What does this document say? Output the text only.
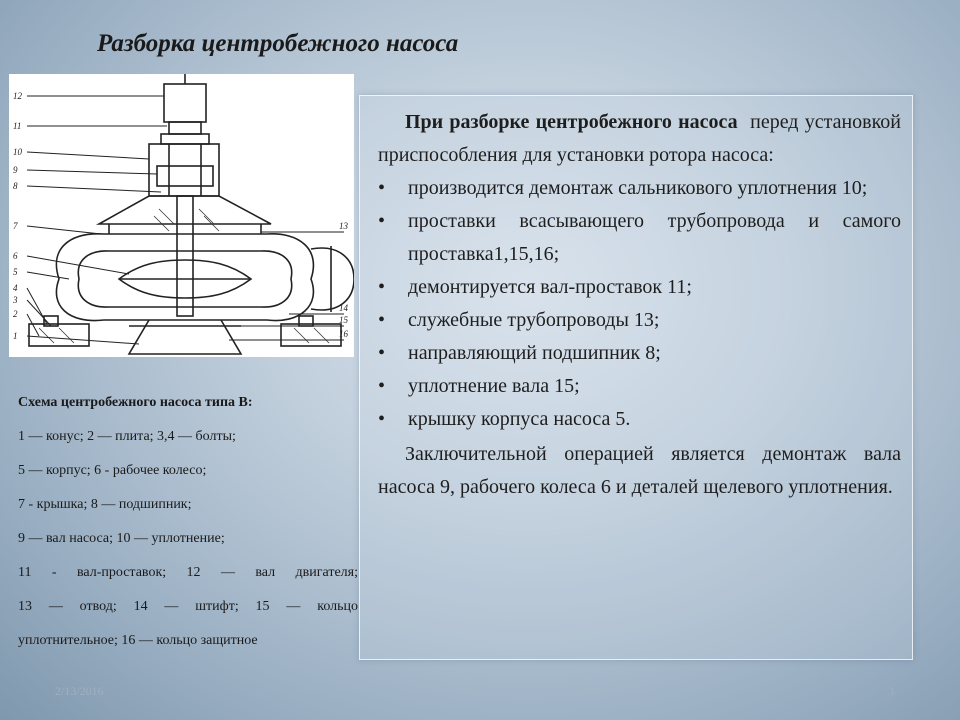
Разборка центробежного насоса
12
11
10
9
8
7
6
5
4
3
2
1
13
14
15
16
Схема центробежного насоса типа В:
1 — конус; 2 — плита; 3,4 — болты;
5 — корпус; 6 - рабочее колесо;
7 - крышка; 8 — подшипник;
9 — вал насоса; 10 — уплотнение;
11 - вал-проставок; 12 — вал двигателя;
13 — отвод; 14 — штифт; 15 — кольцо
уплотнительное; 16 — кольцо защитное

При разборке центробежного насоса перед установкой приспособления для установки ротора насоса:

• производится демонтаж сальникового уплотнения 10;
• проставки всасывающего трубопровода и самого проставка1,15,16;
• демонтируется вал-проставок 11;
• служебные трубопроводы 13;
• направляющий подшипник 8;
• уплотнение вала 15;
• крышку корпуса насоса 5.

Заключительной операцией является демонтаж вала насоса 9, рабочего колеса 6 и деталей щелевого уплотнения.

2/13/2016	3
